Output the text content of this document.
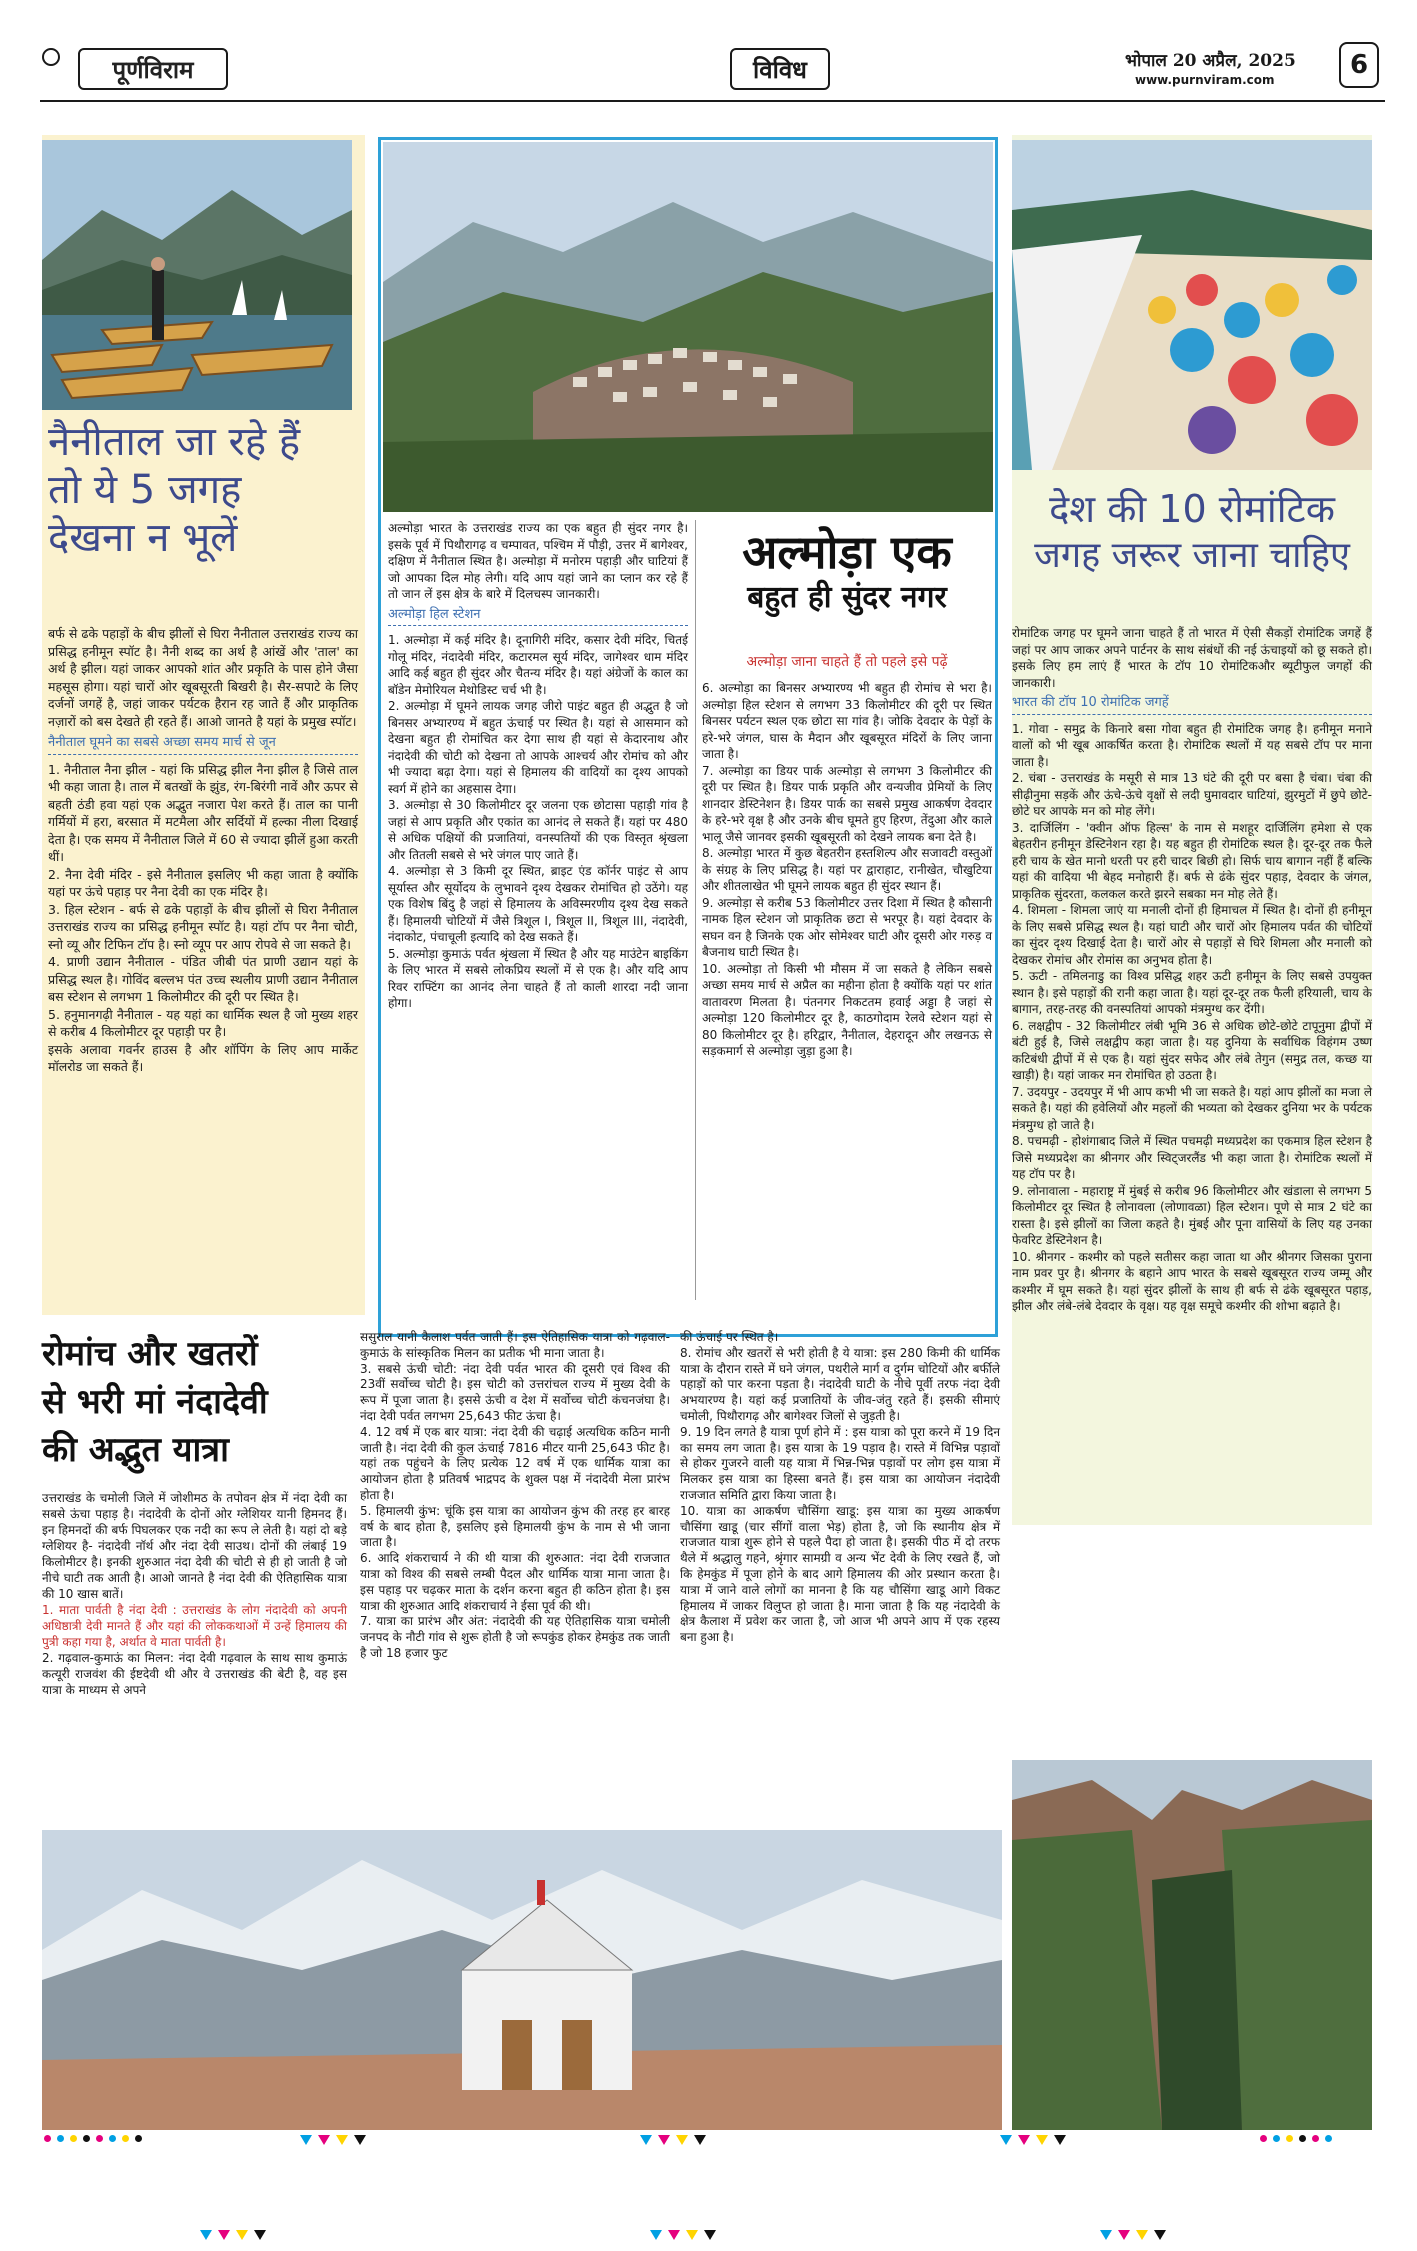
पूर्णविराम	विविध	भोपाल 20 अप्रैल, 2025
www.purnviram.com	6
नैनीताल जा रहे हैं
तो ये 5 जगह
देखना न भूलें

बर्फ से ढके पहाड़ों के बीच झीलों से घिरा नैनीताल उत्तराखंड राज्य का प्रसिद्ध हनीमून स्पॉट है। नैनी शब्द का अर्थ है आंखें और 'ताल' का अर्थ है झील। यहां जाकर आपको शांत और प्रकृति के पास होने जैसा महसूस होगा। यहां चारों ओर खूबसूरती बिखरी है। सैर-सपाटे के लिए दर्जनों जगहें है, जहां जाकर पर्यटक हैरान रह जाते हैं और प्राकृतिक नज़ारों को बस देखते ही रहते हैं। आओ जानते है यहां के प्रमुख स्पॉट।

नैनीताल घूमने का सबसे अच्छा समय मार्च से जून

1. नैनीताल नैना झील - यहां कि प्रसिद्ध झील नैना झील है जिसे ताल भी कहा जाता है। ताल में बतखों के झुंड, रंग-बिरंगी नावें और ऊपर से बहती ठंडी हवा यहां एक अद्भुत नजारा पेश करते हैं। ताल का पानी गर्मियों में हरा, बरसात में मटमैला और सर्दियों में हल्का नीला दिखाई देता है। एक समय में नैनीताल जिले में 60 से ज्यादा झीलें हुआ करती थीं।

2. नैना देवी मंदिर - इसे नैनीताल इसलिए भी कहा जाता है क्योंकि यहां पर ऊंचे पहाड़ पर नैना देवी का एक मंदिर है।

3. हिल स्टेशन - बर्फ से ढके पहाड़ों के बीच झीलों से घिरा नैनीताल उत्तराखंड राज्य का प्रसिद्ध हनीमून स्पॉट है। यहां टॉप पर नैना चोटी, स्नो व्यू और टिफिन टॉप है। स्नो व्यूप पर आप रोपवे से जा सकते है।

4. प्राणी उद्यान नैनीताल - पंडित जीबी पंत प्राणी उद्यान यहां के प्रसिद्ध स्थल है। गोविंद बल्लभ पंत उच्च स्थलीय प्राणी उद्यान नैनीताल बस स्टेशन से लगभग 1 किलोमीटर की दूरी पर स्थित है।

5. हनुमानगढ़ी नैनीताल - यह यहां का धार्मिक स्थल है जो मुख्य शहर से करीब 4 किलोमीटर दूर पहाड़ी पर है।

इसके अलावा गवर्नर हाउस है और शॉपिंग के लिए आप मार्केट मॉलरोड जा सकते हैं।

अल्मोड़ा भारत के उत्तराखंड राज्य का एक बहुत ही सुंदर नगर है। इसके पूर्व में पिथौरागढ़ व चम्पावत, पश्चिम में पौड़ी, उत्तर में बागेश्वर, दक्षिण में नैनीताल स्थित है। अल्मोड़ा में मनोरम पहाड़ी और घाटियां हैं जो आपका दिल मोह लेगी। यदि आप यहां जाने का प्लान कर रहे हैं तो जान लें इस क्षेत्र के बारे में दिलचस्प जानकारी।

अल्मोड़ा हिल स्टेशन

1. अल्मोड़ा में कई मंदिर है। दूनागिरी मंदिर, कसार देवी मंदिर, चितई गोलू मंदिर, नंदादेवी मंदिर, कटारमल सूर्य मंदिर, जागेश्वर धाम मंदिर आदि कई बहुत ही सुंदर और चैतन्य मंदिर है। यहां अंग्रेजों के काल का बॉडेन मेमोरियल मेथोडिस्ट चर्च भी है।

2. अल्मोड़ा में घूमने लायक जगह जीरो पाइंट बहुत ही अद्भुत है जो बिनसर अभ्यारण्य में बहुत ऊंचाई पर स्थित है। यहां से आसमान को देखना बहुत ही रोमांचित कर देगा साथ ही यहां से केदारनाथ और नंदादेवी की चोटी को देखना तो आपके आश्चर्य और रोमांच को और भी ज्यादा बढ़ा देगा। यहां से हिमालय की वादियों का दृश्य आपको स्वर्ग में होने का अहसास देगा।

3. अल्मोड़ा से 30 किलोमीटर दूर जलना एक छोटासा पहाड़ी गांव है जहां से आप प्रकृति और एकांत का आनंद ले सकते हैं। यहां पर 480 से अधिक पक्षियों की प्रजातियां, वनस्पतियों की एक विस्तृत श्रृंखला और तितली सबसे से भरे जंगल पाए जाते हैं।

4. अल्मोड़ा से 3 किमी दूर स्थित, ब्राइट एंड कॉर्नर पाइंट से आप सूर्यास्त और सूर्योदय के लुभावने दृश्य देखकर रोमांचित हो उठेंगे। यह एक विशेष बिंदु है जहां से हिमालय के अविस्मरणीय दृश्य देख सकते हैं। हिमालयी चोटियों में जैसे त्रिशूल I, त्रिशूल II, त्रिशूल III, नंदादेवी, नंदाकोट, पंचाचूली इत्यादि को देख सकते हैं।

5. अल्मोड़ा कुमाऊं पर्वत श्रृंखला में स्थित है और यह माउंटेन बाइकिंग के लिए भारत में सबसे लोकप्रिय स्थलों में से एक है। और यदि आप रिवर राफ्टिंग का आनंद लेना चाहते हैं तो काली शारदा नदी जाना होगा।

अल्मोड़ा एक
बहुत ही सुंदर नगर
अल्मोड़ा जाना चाहते हैं तो पहले इसे पढ़ें

6. अल्मोड़ा का बिनसर अभ्यारण्य भी बहुत ही रोमांच से भरा है। अल्मोड़ा हिल स्टेशन से लगभग 33 किलोमीटर की दूरी पर स्थित बिनसर पर्यटन स्थल एक छोटा सा गांव है। जोकि देवदार के पेड़ों के हरे-भरे जंगल, घास के मैदान और खूबसूरत मंदिरों के लिए जाना जाता है।

7. अल्मोड़ा का डियर पार्क अल्मोड़ा से लगभग 3 किलोमीटर की दूरी पर स्थित है। डियर पार्क प्रकृति और वन्यजीव प्रेमियों के लिए शानदार डेस्टिनेशन है। डियर पार्क का सबसे प्रमुख आकर्षण देवदार के हरे-भरे वृक्ष है और उनके बीच घूमते हुए हिरण, तेंदुआ और काले भालू जैसे जानवर इसकी खूबसूरती को देखने लायक बना देते है।

8. अल्मोड़ा भारत में कुछ बेहतरीन हस्तशिल्प और सजावटी वस्तुओं के संग्रह के लिए प्रसिद्ध है। यहां पर द्वाराहाट, रानीखेत, चौखुटिया और शीतलाखेत भी घूमने लायक बहुत ही सुंदर स्थान हैं।

9. अल्मोड़ा से करीब 53 किलोमीटर उत्तर दिशा में स्थित है कौसानी नामक हिल स्टेशन जो प्राकृतिक छटा से भरपूर है। यहां देवदार के सघन वन है जिनके एक ओर सोमेश्वर घाटी और दूसरी ओर गरुड़ व बैजनाथ घाटी स्थित है।

10. अल्मोड़ा तो किसी भी मौसम में जा सकते है लेकिन सबसे अच्छा समय मार्च से अप्रैल का महीना होता है क्योंकि यहां पर शांत वातावरण मिलता है। पंतनगर निकटतम हवाई अड्डा है जहां से अल्मोड़ा 120 किलोमीटर दूर है, काठगोदाम रेलवे स्टेशन यहां से 80 किलोमीटर दूर है। हरिद्वार, नैनीताल, देहरादून और लखनऊ से सड़कमार्ग से अल्मोड़ा जुड़ा हुआ है।

देश की 10 रोमांटिक
जगह जरूर जाना चाहिए

रोमांटिक जगह पर घूमने जाना चाहते हैं तो भारत में ऐसी सैकड़ों रोमांटिक जगहें हैं जहां पर आप जाकर अपने पार्टनर के साथ संबंधों की नई ऊंचाइयों को छू सकते हो। इसके लिए हम लाएं हैं भारत के टॉप 10 रोमांटिकऔर ब्यूटीफुल जगहों की जानकारी।

भारत की टॉप 10 रोमांटिक जगहें

1. गोवा - समुद्र के किनारे बसा गोवा बहुत ही रोमांटिक जगह है। हनीमून मनाने वालों को भी खूब आकर्षित करता है। रोमांटिक स्थलों में यह सबसे टॉप पर माना जाता है।

2. चंबा - उत्तराखंड के मसूरी से मात्र 13 घंटे की दूरी पर बसा है चंबा। चंबा की सीढ़ीनुमा सड़कें और ऊंचे-ऊंचे वृक्षों से लदी घुमावदार घाटियां, झुरमुटों में छुपे छोटे-छोटे घर आपके मन को मोह लेंगे।

3. दार्जिलिंग - 'क्वीन ऑफ हिल्स' के नाम से मशहूर दार्जिलिंग हमेशा से एक बेहतरीन हनीमून डेस्टिनेशन रहा है। यह बहुत ही रोमांटिक स्थल है। दूर-दूर तक फैले हरी चाय के खेत मानो धरती पर हरी चादर बिछी हो। सिर्फ चाय बागान नहीं हैं बल्कि यहां की वादिया भी बेहद मनोहारी हैं। बर्फ से ढंके सुंदर पहाड़, देवदार के जंगल, प्राकृतिक सुंदरता, कलकल करते झरने सबका मन मोह लेते हैं।

4. शिमला - शिमला जाएं या मनाली दोनों ही हिमाचल में स्थित है। दोनों ही हनीमून के लिए सबसे प्रसिद्ध स्थल है। यहां घाटी और चारों ओर हिमालय पर्वत की चोटियों का सुंदर दृश्य दिखाई देता है। चारों ओर से पहाड़ों से घिरे शिमला और मनाली को देखकर रोमांच और रोमांस का अनुभव होता है।

5. ऊटी - तमिलनाडु का विश्व प्रसिद्ध शहर ऊटी हनीमून के लिए सबसे उपयुक्त स्थान है। इसे पहाड़ों की रानी कहा जाता है। यहां दूर-दूर तक फैली हरियाली, चाय के बागान, तरह-तरह की वनस्पतियां आपको मंत्रमुग्ध कर देंगी।

6. लक्षद्वीप - 32 किलोमीटर लंबी भूमि 36 से अधिक छोटे-छोटे टापूनुमा द्वीपों में बंटी हुई है, जिसे लक्षद्वीप कहा जाता है। यह दुनिया के सर्वाधिक विहंगम उष्ण कटिबंधी द्वीपों में से एक है। यहां सुंदर सफेद और लंबे तेगुन (समुद्र तल, कच्छ या खाड़ी) है। यहां जाकर मन रोमांचित हो उठता है।

7. उदयपुर - उदयपुर में भी आप कभी भी जा सकते है। यहां आप झीलों का मजा ले सकते है। यहां की हवेलियों और महलों की भव्यता को देखकर दुनिया भर के पर्यटक मंत्रमुग्ध हो जाते है।

8. पचमढ़ी - होशंगाबाद जिले में स्थित पचमढ़ी मध्यप्रदेश का एकमात्र हिल स्टेशन है जिसे मध्यप्रदेश का श्रीनगर और स्विट्जरलैंड भी कहा जाता है। रोमांटिक स्थलों में यह टॉप पर है।

9. लोनावाला - महाराष्ट्र में मुंबई से करीब 96 किलोमीटर और खंडाला से लगभग 5 किलोमीटर दूर स्थित है लोनावला (लोणावळा) हिल स्टेशन। पूणे से मात्र 2 घंटे का रास्ता है। इसे झीलों का जिला कहते है। मुंबई और पूना वासियों के लिए यह उनका फेवरिट डेस्टिनेशन है।

10. श्रीनगर - कश्मीर को पहले सतीसर कहा जाता था और श्रीनगर जिसका पुराना नाम प्रवर पुर है। श्रीनगर के बहाने आप भारत के सबसे खूबसूरत राज्य जम्मू और कश्मीर में घूम सकते है। यहां सुंदर झीलों के साथ ही बर्फ से ढंके खूबसूरत पहाड़, झील और लंबे-लंबे देवदार के वृक्ष। यह वृक्ष समूचे कश्मीर की शोभा बढ़ाते है।

रोमांच और खतरों
से भरी मां नंदादेवी
की अद्भुत यात्रा

उत्तराखंड के चमोली जिले में जोशीमठ के तपोवन क्षेत्र में नंदा देवी का सबसे ऊंचा पहाड़ है। नंदादेवी के दोनों ओर ग्लेशियर यानी हिमनद हैं। इन हिमनदों की बर्फ पिघलकर एक नदी का रूप ले लेती है। यहां दो बड़े ग्लेशियर है- नंदादेवी नॉर्थ और नंदा देवी साउथ। दोनों की लंबाई 19 किलोमीटर है। इनकी शुरुआत नंदा देवी की चोटी से ही हो जाती है जो नीचे घाटी तक आती है। आओ जानते है नंदा देवी की ऐतिहासिक यात्रा की 10 खास बातें।

1. माता पार्वती है नंदा देवी : उत्तराखंड के लोग नंदादेवी को अपनी अधिष्ठात्री देवी मानते हैं और यहां की लोककथाओं में उन्हें हिमालय की पुत्री कहा गया है, अर्थात वे माता पार्वती है।

2. गढ़वाल-कुमाऊं का मिलन: नंदा देवी गढ़वाल के साथ साथ कुमाऊं कत्यूरी राजवंश की ईष्टदेवी थी और वे उत्तराखंड की बेटी है, वह इस यात्रा के माध्यम से अपने

ससुराल यानी कैलाश पर्वत जाती हैं। इस ऐतिहासिक यात्रा को गढ़वाल-कुमाऊं के सांस्कृतिक मिलन का प्रतीक भी माना जाता है।

3. सबसे ऊंची चोटी: नंदा देवी पर्वत भारत की दूसरी एवं विश्व की 23वीं सर्वोच्च चोटी है। इस चोटी को उत्तरांचल राज्य में मुख्य देवी के रूप में पूजा जाता है। इससे ऊंची व देश में सर्वोच्च चोटी कंचनजंघा है। नंदा देवी पर्वत लगभग 25,643 फीट ऊंचा है।

4. 12 वर्ष में एक बार यात्रा: नंदा देवी की चढ़ाई अत्यधिक कठिन मानी जाती है। नंदा देवी की कुल ऊंचाई 7816 मीटर यानी 25,643 फीट है। यहां तक पहुंचने के लिए प्रत्येक 12 वर्ष में एक धार्मिक यात्रा का आयोजन होता है प्रतिवर्ष भाद्रपद के शुक्ल पक्ष में नंदादेवी मेला प्रारंभ होता है।

5. हिमालयी कुंभ: चूंकि इस यात्रा का आयोजन कुंभ की तरह हर बारह वर्ष के बाद होता है, इसलिए इसे हिमालयी कुंभ के नाम से भी जाना जाता है।

6. आदि शंकराचार्य ने की थी यात्रा की शुरुआत: नंदा देवी राजजात यात्रा को विश्व की सबसे लम्बी पैदल और धार्मिक यात्रा माना जाता है। इस पहाड़ पर चढ़कर माता के दर्शन करना बहुत ही कठिन होता है। इस यात्रा की शुरुआत आदि शंकराचार्य ने ईसा पूर्व की थी।

7. यात्रा का प्रारंभ और अंत: नंदादेवी की यह ऐतिहासिक यात्रा चमोली जनपद के नौटी गांव से शुरू होती है जो रूपकुंड होकर हेमकुंड तक जाती है जो 18 हजार फुट

की ऊंचाई पर स्थित है।

8. रोमांच और खतरों से भरी होती है ये यात्रा: इस 280 किमी की धार्मिक यात्रा के दौरान रास्ते में घने जंगल, पथरीले मार्ग व दुर्गम चोटियों और बर्फीले पहाड़ों को पार करना पड़ता है। नंदादेवी घाटी के नीचे पूर्वी तरफ नंदा देवी अभयारण्य है। यहां कई प्रजातियों के जीव-जंतु रहते हैं। इसकी सीमाएं चमोली, पिथौरागढ़ और बागेश्वर जिलों से जुड़ती है।

9. 19 दिन लगते है यात्रा पूर्ण होने में : इस यात्रा को पूरा करने में 19 दिन का समय लग जाता है। इस यात्रा के 19 पड़ाव है। रास्ते में विभिन्न पड़ावों से होकर गुजरने वाली यह यात्रा में भिन्न-भिन्न पड़ावों पर लोग इस यात्रा में मिलकर इस यात्रा का हिस्सा बनते हैं। इस यात्रा का आयोजन नंदादेवी राजजात समिति द्वारा किया जाता है।

10. यात्रा का आकर्षण चौसिंगा खाडू: इस यात्रा का मुख्य आकर्षण चौसिंगा खाडू (चार सींगों वाला भेड़) होता है, जो कि स्थानीय क्षेत्र में राजजात यात्रा शुरू होने से पहले पैदा हो जाता है। इसकी पीठ में दो तरफ थैले में श्रद्धालु गहने, श्रृंगार सामग्री व अन्य भेंट देवी के लिए रखते हैं, जो कि हेमकुंड में पूजा होने के बाद आगे हिमालय की ओर प्रस्थान करता है। यात्रा में जाने वाले लोगों का मानना है कि यह चौसिंगा खाडू आगे विकट हिमालय में जाकर विलुप्त हो जाता है। माना जाता है कि यह नंदादेवी के क्षेत्र कैलाश में प्रवेश कर जाता है, जो आज भी अपने आप में एक रहस्य बना हुआ है।
